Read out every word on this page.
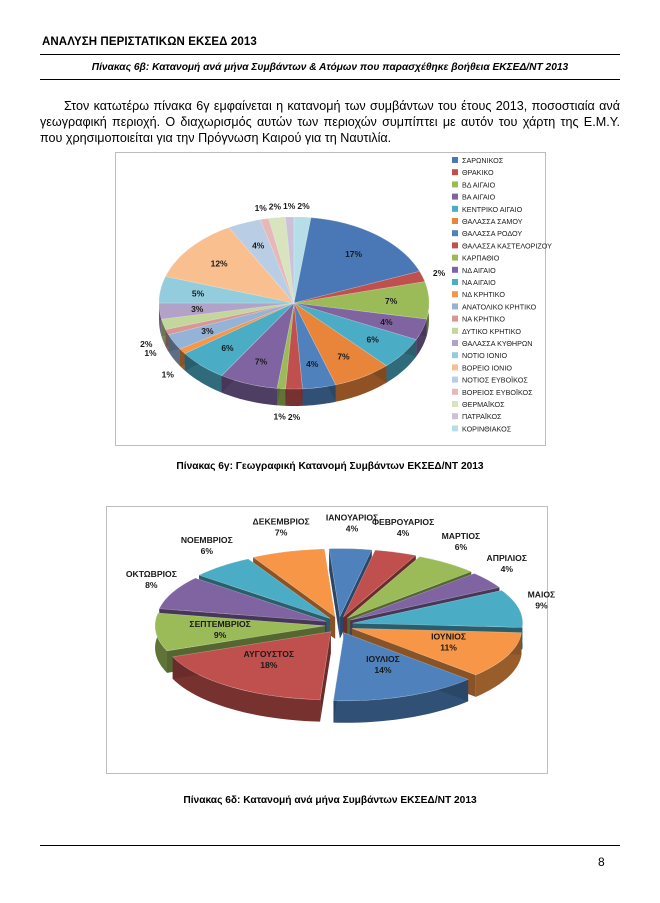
ΑΝΑΛΥΣΗ ΠΕΡΙΣΤΑΤΙΚΩΝ ΕΚΣΕΔ 2013
Πίνακας 6β: Κατανομή ανά μήνα Συμβάντων & Ατόμων που παρασχέθηκε βοήθεια ΕΚΣΕΔ/ΝΤ 2013
Στον κατωτέρω πίνακα 6γ εμφαίνεται η κατανομή των συμβάντων του έτους 2013, ποσοστιαία ανά γεωγραφική περιοχή. Ο διαχωρισμός αυτών των περιοχών συμπίπτει με αυτόν του χάρτη της Ε.Μ.Υ. που χρησιμοποιείται για την Πρόγνωση Καιρού για τη Ναυτιλία.
17%
2%
7%
4%
6%
7%
4%
2%
1%
7%
6%
1%
3%
1%
2%
3%
5%
12%
4%
1% 2% 1% 2%
ΣΑΡΩΝΙΚΟΣ
ΘΡΑΚΙΚΟ
ΒΔ ΑΙΓΑΙΟ
ΒΑ ΑΙΓΑΙΟ
ΚΕΝΤΡΙΚΟ ΑΙΓΑΙΟ
ΘΑΛΑΣΣΑ ΣΑΜΟΥ
ΘΑΛΑΣΣΑ ΡΟΔΟΥ
ΘΑΛΑΣΣΑ ΚΑΣΤΕΛΟΡΙΖΟΥ
ΚΑΡΠΑΘΙΟ
ΝΔ ΑΙΓΑΙΟ
ΝΑ ΑΙΓΑΙΟ
ΝΔ ΚΡΗΤΙΚΟ
ΑΝΑΤΟΛΙΚΟ ΚΡΗΤΙΚΟ
ΝΑ ΚΡΗΤΙΚΟ
ΔΥΤΙΚΟ ΚΡΗΤΙΚΟ
ΘΑΛΑΣΣΑ ΚΥΘΗΡΩΝ
ΝΟΤΙΟ ΙΟΝΙΟ
ΒΟΡΕΙΟ ΙΟΝΙΟ
ΝΟΤΙΟΣ ΕΥΒΟΪΚΟΣ
ΒΟΡΕΙΟΣ ΕΥΒΟΪΚΟΣ
ΘΕΡΜΑΪΚΟΣ
ΠΑΤΡΑΪΚΟΣ
ΚΟΡΙΝΘΙΑΚΟΣ
Πίνακας 6γ: Γεωγραφική Κατανομή Συμβάντων ΕΚΣΕΔ/ΝΤ 2013
ΙΑΝΟΥΑΡΙΟΣ
4%
ΦΕΒΡΟΥΑΡΙΟΣ
4%	ΜΑΡΤΙΟΣ
6%
ΑΠΡΙΛΙΟΣ
4%
ΜΑΙΟΣ
9%
ΙΟΥΝΙΟΣ
11%
ΙΟΥΛΙΟΣ
14%
ΑΥΓΟΥΣΤΟΣ
18%
ΣΕΠΤΕΜΒΡΙΟΣ
9%
ΟΚΤΩΒΡΙΟΣ
8%
ΝΟΕΜΒΡΙΟΣ
6%
ΔΕΚΕΜΒΡΙΟΣ
7%
Πίνακας 6δ: Κατανομή ανά μήνα Συμβάντων ΕΚΣΕΔ/ΝΤ 2013
8
